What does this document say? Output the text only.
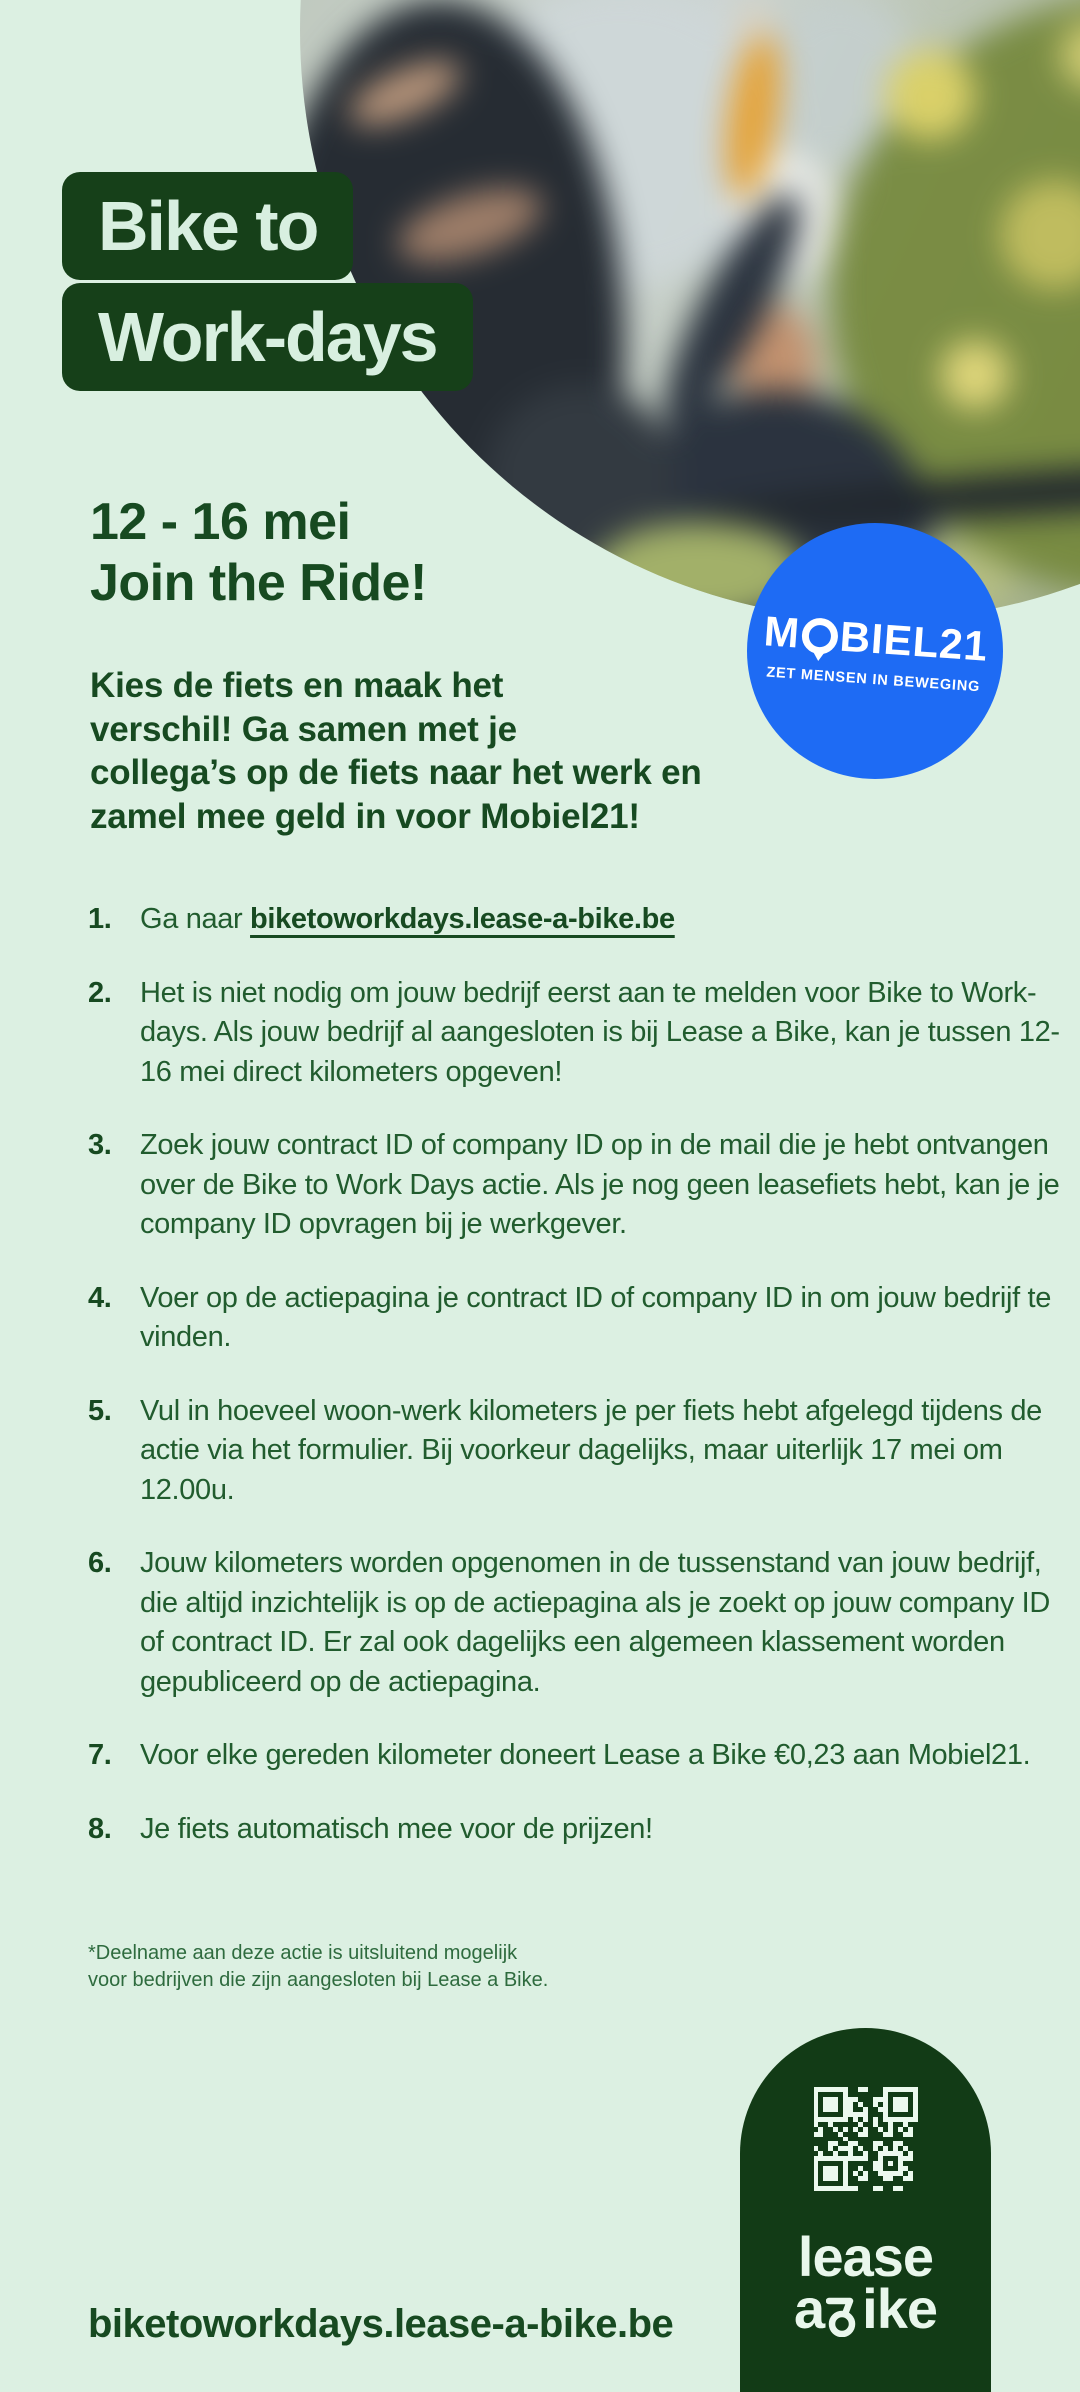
Bike to
Work-days
M BIEL21
ZET MENSEN IN BEWEGING
12 - 16 mei
Join the Ride!
Kies de fiets en maak het
verschil! Ga samen met je
collega’s op de fiets naar het werk en
zamel mee geld in voor Mobiel21!
1. Ga naar biketoworkdays.lease-a-bike.be
2. Het is niet nodig om jouw bedrijf eerst aan te melden voor Bike to Work-days. Als jouw bedrijf al aangesloten is bij Lease a Bike, kan je tussen 12-16 mei direct kilometers opgeven!
3. Zoek jouw contract ID of company ID op in de mail die je hebt ontvangen over de Bike to Work Days actie. Als je nog geen leasefiets hebt, kan je je company ID opvragen bij je werkgever.
4. Voer op de actiepagina je contract ID of company ID in om jouw bedrijf te vinden.
5. Vul in hoeveel woon-werk kilometers je per fiets hebt afgelegd tijdens de actie via het formulier. Bij voorkeur dagelijks, maar uiterlijk 17 mei om 12.00u.
6. Jouw kilometers worden opgenomen in de tussenstand van jouw bedrijf, die altijd inzichtelijk is op de actiepagina als je zoekt op jouw company ID of contract ID. Er zal ook dagelijks een algemeen klassement worden gepubliceerd op de actiepagina.
7. Voor elke gereden kilometer doneert Lease a Bike €0,23 aan Mobiel21.
8. Je fiets automatisch mee voor de prijzen!
*Deelname aan deze actie is uitsluitend mogelijk
voor bedrijven die zijn aangesloten bij Lease a Bike.
biketoworkdays.lease-a-bike.be
lease
a ike
